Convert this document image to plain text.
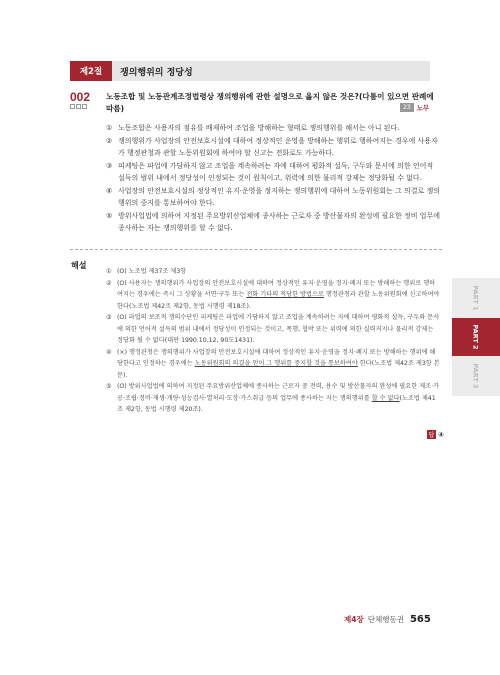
제2절	쟁의행위의 정당성
002 노동조합 및 노동관계조정법령상 쟁의행위에 관한 설명으로 옳지 않은 것은?(다툼이 있으면 판례에 따름)	23 노무
① 노동조합은 사용자의 점유를 배제하여 조업을 방해하는 형태로 쟁의행위를 해서는 아니 된다.
② 쟁의행위가 사업장의 안전보호시설에 대하여 정상적인 운영을 방해하는 행위로 행하여지는 경우에 사용자가 행정관청과 관할 노동위원회에 하여야 할 신고는 전화로도 가능하다.
③ 피케팅은 파업에 가담하지 않고 조업을 계속하려는 자에 대하여 평화적 설득, 구두와 문서에 의한 언어적 설득의 범위 내에서 정당성이 인정되는 것이 원칙이고, 위력에 의한 물리적 강제는 정당화될 수 없다.
④ 사업장의 안전보호시설의 정상적인 유지·운영을 정지하는 쟁의행위에 대하여 노동위원회는 그 의결로 쟁의행위의 중지를 통보하여야 한다.
⑤ 방위사업법에 의하여 지정된 주요방위산업체에 종사하는 근로자 중 방산물자의 완성에 필요한 정비 업무에 종사하는 자는 쟁의행위를 할 수 없다.
해설
① (O) 노조법 제37조 제3항
② (O) 사용자는 쟁의행위가 사업장의 안전보호시설에 대하여 정상적인 유지·운영을 정지·폐지 또는 방해하는 행위로 행하여지는 경우에는 즉시 그 상황을 서면·구두 또는 전화 기타의 적당한 방법으로 행정관청과 관할 노동위원회에 신고하여야 한다(노조법 제42조 제2항, 동법 시행령 제18조).
③ (O) 파업의 보조적 쟁의수단인 피케팅은 파업에 가담하지 않고 조업을 계속하려는 자에 대하여 평화적 설득, 구두와 문서에 의한 언어적 설득의 범위 내에서 정당성이 인정되는 것이고, 폭행, 협박 또는 위력에 의한 실력저지나 물리적 강제는 정당화 될 수 없다(대판 1990.10.12, 90도1431).
④ (×) 행정관청은 쟁의행위가 사업장의 안전보호시설에 대하여 정상적인 유지·운영을 정지·폐지 또는 방해하는 행위에 해당한다고 인정하는 경우에는 노동위원회의 의결을 얻어 그 행위를 중지할 것을 통보하여야 한다(노조법 제42조 제3항 본문).
⑤ (O) 방위사업법에 의하여 지정된 주요방위산업체에 종사하는 근로자 중 전력, 용수 및 방산물자의 완성에 필요한 제조·가공·조립·정비·재생·개량·성능검사·열처리·도장·가스취급 등의 업무에 종사하는 자는 쟁의행위를 할 수 없다(노조법 제41조 제2항, 동법 시행령 제20조).
답 ④
PART 1
PART 2
PART 3
제4장 단체행동권 565
